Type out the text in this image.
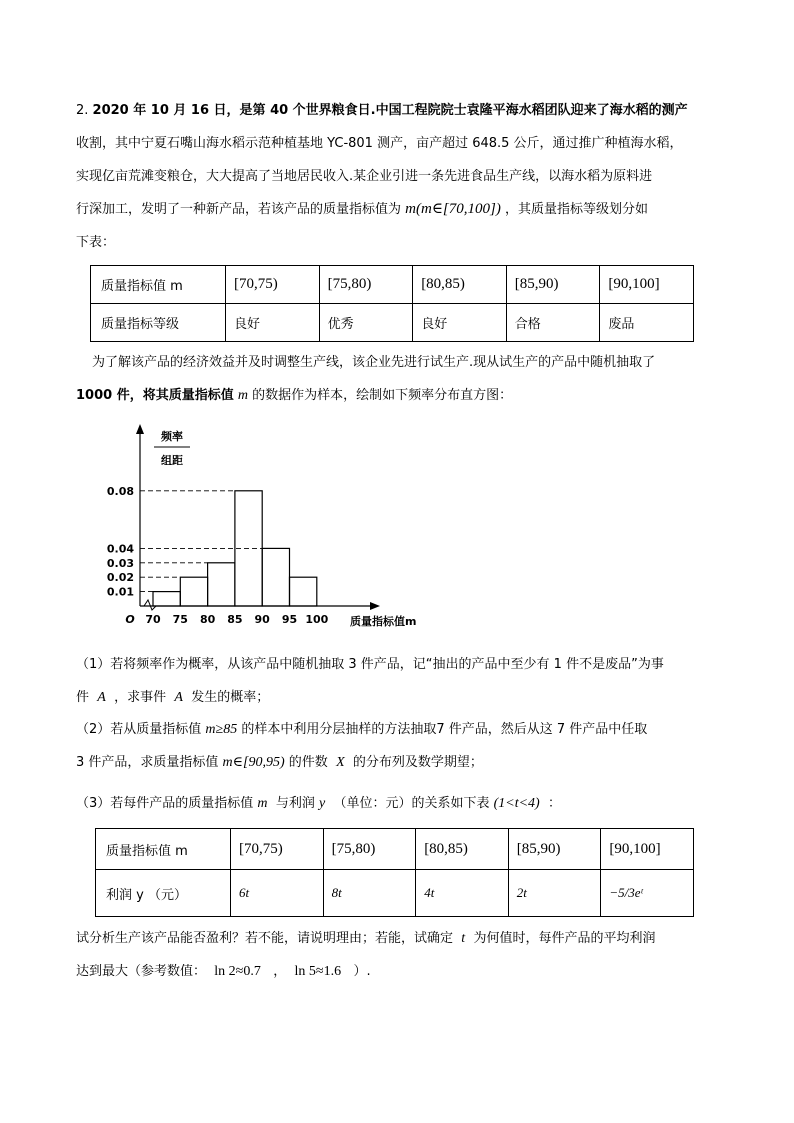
2. 2020 年 10 月 16 日，是第 40 个世界粮食日.中国工程院院士袁隆平海水稻团队迎来了海水稻的测产
收割，其中宁夏石嘴山海水稻示范种植基地 YC-801 测产，亩产超过 648.5 公斤，通过推广种植海水稻，
实现亿亩荒滩变粮仓，大大提高了当地居民收入.某企业引进一条先进食品生产线，以海水稻为原料进
行深加工，发明了一种新产品，若该产品的质量指标值为 m(m∈[70,100]) ，其质量指标等级划分如
下表：
质量指标值 m	[70,75)	[75,80)	[80,85)	[85,90)	[90,100]
质量指标等级	良好	优秀	良好	合格	废品
为了解该产品的经济效益并及时调整生产线，该企业先进行试生产.现从试生产的产品中随机抽取了
1000 件，将其质量指标值 m 的数据作为样本，绘制如下频率分布直方图：
0.08
0.04
0.03
0.02
0.01
70 75 80 85 90 95 100
O	质量指标值m
频率
组距
（1）若将频率作为概率，从该产品中随机抽取 3 件产品，记“抽出的产品中至少有 1 件不是废品”为事
件 A ，求事件 A 发生的概率；
（2）若从质量指标值 m≥85 的样本中利用分层抽样的方法抽取7 件产品，然后从这 7 件产品中任取
3 件产品，求质量指标值 m∈[90,95) 的件数 X 的分布列及数学期望；
（3）若每件产品的质量指标值 m 与利润 y （单位：元）的关系如下表 (1<t<4) ：
质量指标值 m	[70,75)	[75,80)	[80,85)	[85,90)	[90,100]
利润 y （元）	6t	8t	4t	2t	−5/3eᵗ
试分析生产该产品能否盈利？若不能，请说明理由；若能，试确定 t 为何值时，每件产品的平均利润
达到最大（参考数值： ln 2≈0.7 ， ln 5≈1.6 ）.
